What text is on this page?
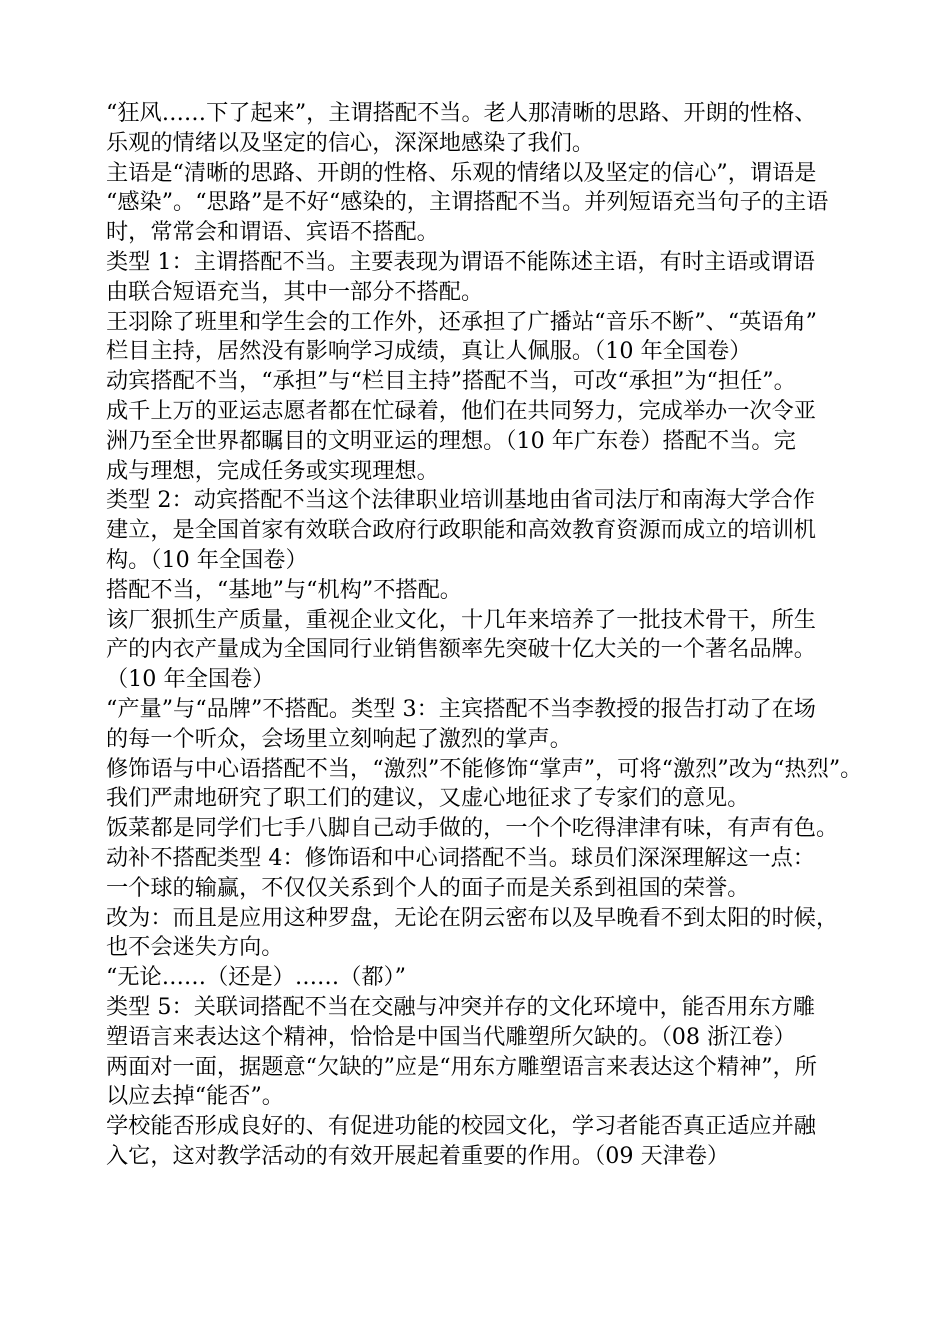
“狂风……下了起来”，主谓搭配不当。老人那清晰的思路、开朗的性格、
乐观的情绪以及坚定的信心，深深地感染了我们。
主语是“清晰的思路、开朗的性格、乐观的情绪以及坚定的信心”，谓语是
“感染”。“思路”是不好“感染的，主谓搭配不当。并列短语充当句子的主语
时，常常会和谓语、宾语不搭配。
类型 1：主谓搭配不当。主要表现为谓语不能陈述主语，有时主语或谓语
由联合短语充当，其中一部分不搭配。
王羽除了班里和学生会的工作外，还承担了广播站“音乐不断”、“英语角”
栏目主持，居然没有影响学习成绩，真让人佩服。（10 年全国卷）
动宾搭配不当，“承担”与“栏目主持”搭配不当，可改“承担”为“担任”。
成千上万的亚运志愿者都在忙碌着，他们在共同努力，完成举办一次令亚
洲乃至全世界都瞩目的文明亚运的理想。（10 年广东卷）搭配不当。完
成与理想，完成任务或实现理想。
类型 2：动宾搭配不当这个法律职业培训基地由省司法厅和南海大学合作
建立，是全国首家有效联合政府行政职能和高效教育资源而成立的培训机
构。（10 年全国卷）
搭配不当，“基地”与“机构”不搭配。
该厂狠抓生产质量，重视企业文化，十几年来培养了一批技术骨干，所生
产的内衣产量成为全国同行业销售额率先突破十亿大关的一个著名品牌。
（10 年全国卷）
“产量”与“品牌”不搭配。类型 3：主宾搭配不当李教授的报告打动了在场
的每一个听众，会场里立刻响起了激烈的掌声。
修饰语与中心语搭配不当，“激烈”不能修饰“掌声”，可将“激烈”改为“热烈”。
我们严肃地研究了职工们的建议，又虚心地征求了专家们的意见。
饭菜都是同学们七手八脚自己动手做的，一个个吃得津津有味，有声有色。
动补不搭配类型 4：修饰语和中心词搭配不当。球员们深深理解这一点：
一个球的输赢，不仅仅关系到个人的面子而是关系到祖国的荣誉。
改为：而且是应用这种罗盘，无论在阴云密布以及早晚看不到太阳的时候，
也不会迷失方向。
“无论……（还是）……（都）”
类型 5：关联词搭配不当在交融与冲突并存的文化环境中，能否用东方雕
塑语言来表达这个精神，恰恰是中国当代雕塑所欠缺的。（08 浙江卷）
两面对一面，据题意“欠缺的”应是“用东方雕塑语言来表达这个精神”，所
以应去掉“能否”。
学校能否形成良好的、有促进功能的校园文化，学习者能否真正适应并融
入它，这对教学活动的有效开展起着重要的作用。（09 天津卷）
